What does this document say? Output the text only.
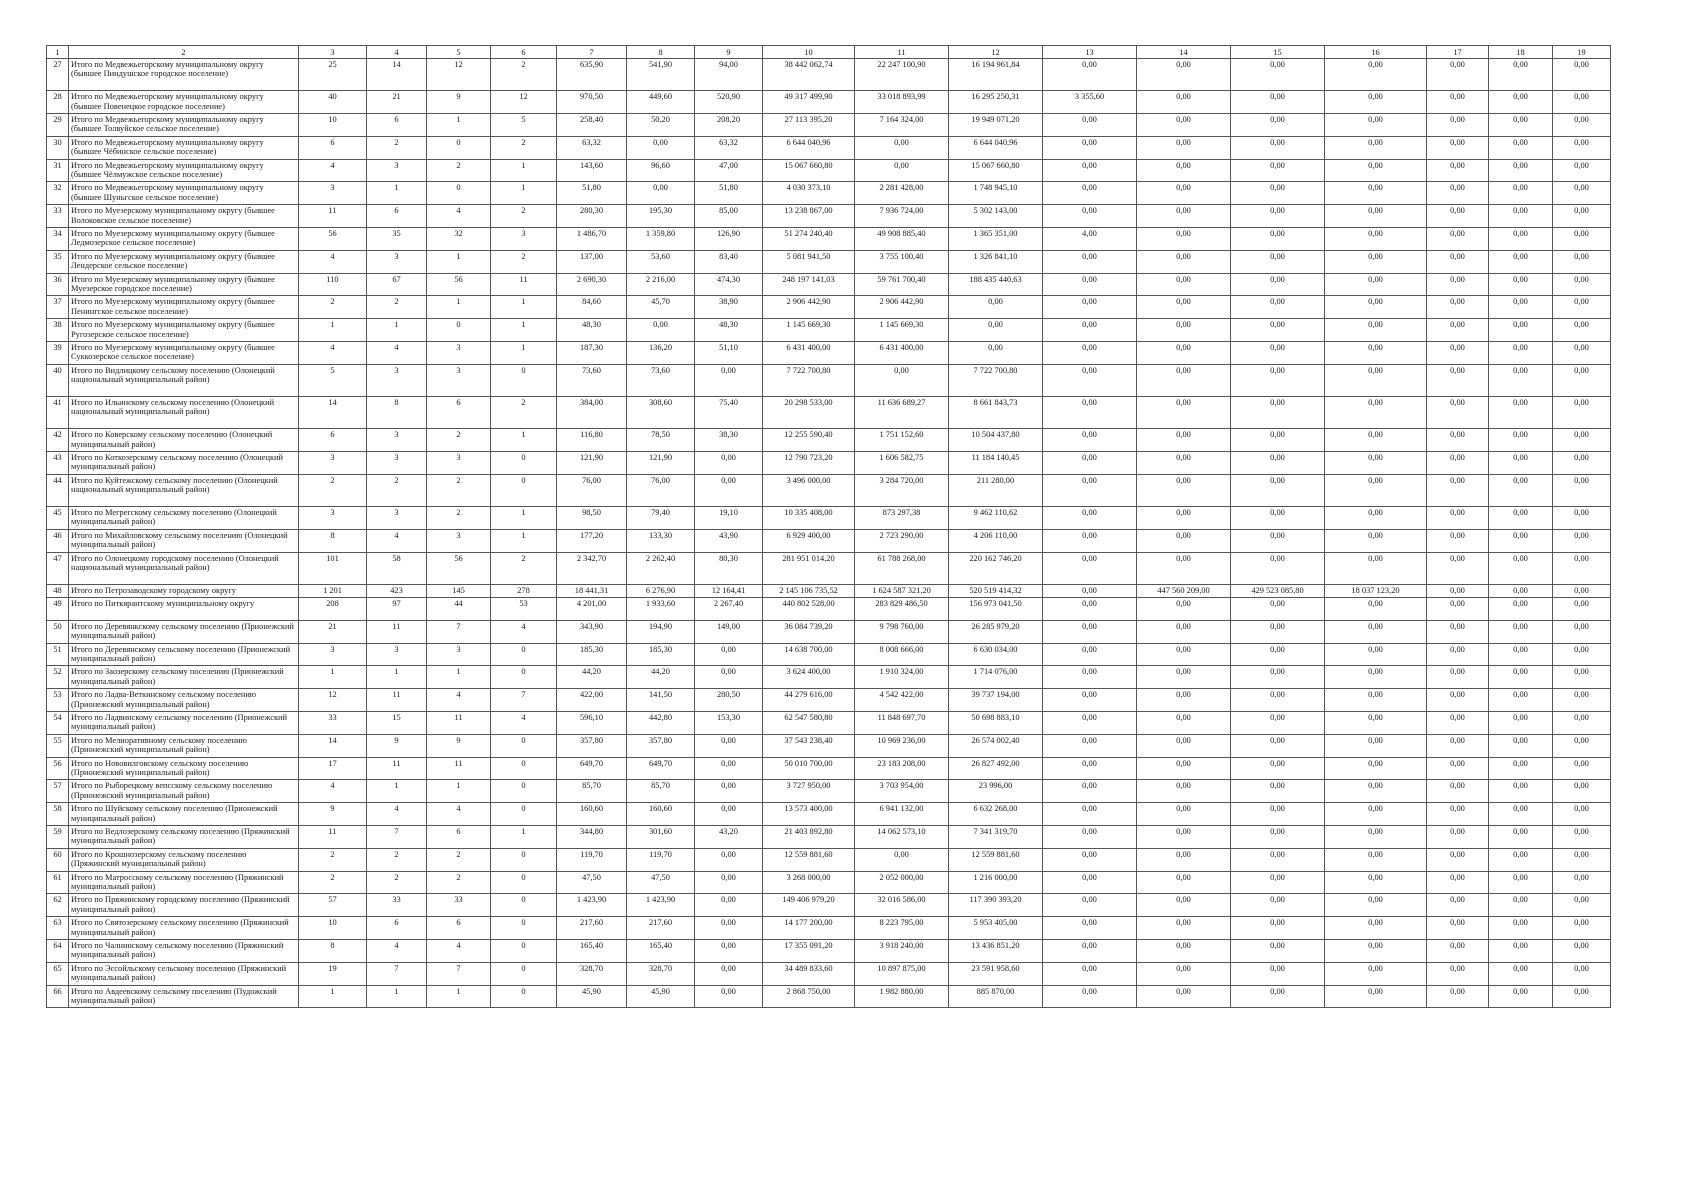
1	2	3	4	5	6	7	8	9	10	11	12	13	14	15	16	17	18	19
27	Итого по Медвежьегорскому муниципальному округу (бывшее Пиндушское городское поселение)	25	14	12	2	635,90	541,90	94,00	38 442 062,74	22 247 100,90	16 194 961,84	0,00	0,00	0,00	0,00	0,00	0,00	0,00
28	Итого по Медвежьегорскому муниципальному округу (бывшее Повенецкое городское поселение)	40	21	9	12	970,50	449,60	520,90	49 317 499,90	33 018 893,99	16 295 250,31	3 355,60	0,00	0,00	0,00	0,00	0,00	0,00
29	Итого по Медвежьегорскому муниципальному округу (бывшее Толвуйское сельское поселение)	10	6	1	5	258,40	50,20	208,20	27 113 395,20	7 164 324,00	19 949 071,20	0,00	0,00	0,00	0,00	0,00	0,00	0,00
30	Итого по Медвежьегорскому муниципальному округу (бывшее Чёбинское сельское поселение)	6	2	0	2	63,32	0,00	63,32	6 644 040,96	0,00	6 644 040,96	0,00	0,00	0,00	0,00	0,00	0,00	0,00
31	Итого по Медвежьегорскому муниципальному округу (бывшее Чёлмужское сельское поселение)	4	3	2	1	143,60	96,60	47,00	15 067 660,80	0,00	15 067 660,80	0,00	0,00	0,00	0,00	0,00	0,00	0,00
32	Итого по Медвежьегорскому муниципальному округу (бывшее Шуньгское сельское поселение)	3	1	0	1	51,80	0,00	51,80	4 030 373,10	2 281 428,00	1 748 945,10	0,00	0,00	0,00	0,00	0,00	0,00	0,00
33	Итого по Муезерскому муниципальному округу (бывшее Волоковское сельское поселение)	11	6	4	2	280,30	195,30	85,00	13 238 867,00	7 936 724,00	5 302 143,00	0,00	0,00	0,00	0,00	0,00	0,00	0,00
34	Итого по Муезерскому муниципальному округу (бывшее Ледмозерское сельское поселение)	56	35	32	3	1 486,70	1 359,80	126,90	51 274 240,40	49 908 885,40	1 365 351,00	4,00	0,00	0,00	0,00	0,00	0,00	0,00
35	Итого по Муезерскому муниципальному округу (бывшее Лендерское сельское поселение)	4	3	1	2	137,00	53,60	83,40	5 081 941,50	3 755 100,40	1 326 841,10	0,00	0,00	0,00	0,00	0,00	0,00	0,00
36	Итого по Муезерскому муниципальному округу (бывшее Муезерское городское поселение)	110	67	56	11	2 690,30	2 216,00	474,30	248 197 141,03	59 761 700,40	188 435 440,63	0,00	0,00	0,00	0,00	0,00	0,00	0,00
37	Итого по Муезерскому муниципальному округу (бывшее Пенингское сельское поселение)	2	2	1	1	84,60	45,70	38,90	2 906 442,90	2 906 442,90	0,00	0,00	0,00	0,00	0,00	0,00	0,00	0,00
38	Итого по Муезерскому муниципальному округу (бывшее Ругозерское сельское поселение)	1	1	0	1	48,30	0,00	48,30	1 145 669,30	1 145 669,30	0,00	0,00	0,00	0,00	0,00	0,00	0,00	0,00
39	Итого по Муезерскому муниципальному округу (бывшее Суккозерское сельское поселение)	4	4	3	1	187,30	136,20	51,10	6 431 400,00	6 431 400,00	0,00	0,00	0,00	0,00	0,00	0,00	0,00	0,00
40	Итого по Видлицкому сельскому поселению (Олонецкий национальный муниципальный район)	5	3	3	0	73,60	73,60	0,00	7 722 700,80	0,00	7 722 700,80	0,00	0,00	0,00	0,00	0,00	0,00	0,00
41	Итого по Ильинскому сельскому поселению (Олонецкий национальный муниципальный район)	14	8	6	2	384,00	308,60	75,40	20 298 533,00	11 636 689,27	8 661 843,73	0,00	0,00	0,00	0,00	0,00	0,00	0,00
42	Итого по Коверскому сельскому поселению (Олонецкий муниципальный район)	6	3	2	1	116,80	78,50	38,30	12 255 590,40	1 751 152,60	10 504 437,80	0,00	0,00	0,00	0,00	0,00	0,00	0,00
43	Итого по Коткозерскому сельскому поселению (Олонецкий муниципальный район)	3	3	3	0	121,90	121,90	0,00	12 790 723,20	1 606 582,75	11 184 140,45	0,00	0,00	0,00	0,00	0,00	0,00	0,00
44	Итого по Куйтежскому сельскому поселению (Олонецкий национальный муниципальный район)	2	2	2	0	76,00	76,00	0,00	3 496 000,00	3 284 720,00	211 280,00	0,00	0,00	0,00	0,00	0,00	0,00	0,00
45	Итого по Мегрегскому сельскому поселению (Олонецкий муниципальный район)	3	3	2	1	98,50	79,40	19,10	10 335 408,00	873 297,38	9 462 110,62	0,00	0,00	0,00	0,00	0,00	0,00	0,00
46	Итого по Михайловскому сельскому поселению (Олонецкий муниципальный район)	8	4	3	1	177,20	133,30	43,90	6 929 400,00	2 723 290,00	4 206 110,00	0,00	0,00	0,00	0,00	0,00	0,00	0,00
47	Итого по Олонецкому городскому поселению (Олонецкий национальный муниципальный район)	101	58	56	2	2 342,70	2 262,40	80,30	281 951 014,20	61 788 268,00	220 162 746,20	0,00	0,00	0,00	0,00	0,00	0,00	0,00
48	Итого по Петрозаводскому городскому округу	1 201	423	145	278	18 441,31	6 276,90	12 164,41	2 145 106 735,52	1 624 587 321,20	520 519 414,32	0,00	447 560 209,00	429 523 085,80	18 037 123,20	0,00	0,00	0,00
49	Итого по Питкярантскому муниципальному округу	208	97	44	53	4 201,00	1 933,60	2 267,40	440 802 528,00	283 829 486,50	156 973 041,50	0,00	0,00	0,00	0,00	0,00	0,00	0,00
50	Итого по Деревянкскому сельскому поселению (Прионежский муниципальный район)	21	11	7	4	343,90	194,90	149,00	36 084 739,20	9 798 760,00	26 285 979,20	0,00	0,00	0,00	0,00	0,00	0,00	0,00
51	Итого по Деревянскому сельскому поселению (Прионежский муниципальный район)	3	3	3	0	185,30	185,30	0,00	14 638 700,00	8 008 666,00	6 630 034,00	0,00	0,00	0,00	0,00	0,00	0,00	0,00
52	Итого по Заозерскому сельскому поселению (Прионежский муниципальный район)	1	1	1	0	44,20	44,20	0,00	3 624 400,00	1 910 324,00	1 714 076,00	0,00	0,00	0,00	0,00	0,00	0,00	0,00
53	Итого по Ладва-Веткинскому сельскому поселению (Прионежский муниципальный район)	12	11	4	7	422,00	141,50	280,50	44 279 616,00	4 542 422,00	39 737 194,00	0,00	0,00	0,00	0,00	0,00	0,00	0,00
54	Итого по Ладвинскому сельскому поселению (Прионежский муниципальный район)	33	15	11	4	596,10	442,80	153,30	62 547 580,80	11 848 697,70	50 698 883,10	0,00	0,00	0,00	0,00	0,00	0,00	0,00
55	Итого по Мелиоративному сельскому поселению (Прионежский муниципальный район)	14	9	9	0	357,80	357,80	0,00	37 543 238,40	10 969 236,00	26 574 002,40	0,00	0,00	0,00	0,00	0,00	0,00	0,00
56	Итого по Нововилговскому сельскому поселению (Прионежский муниципальный район)	17	11	11	0	649,70	649,70	0,00	50 010 700,00	23 183 208,00	26 827 492,00	0,00	0,00	0,00	0,00	0,00	0,00	0,00
57	Итого по Рыборецкому вепсскому сельскому поселению (Прионежский муниципальный район)	4	1	1	0	85,70	85,70	0,00	3 727 950,00	3 703 954,00	23 996,00	0,00	0,00	0,00	0,00	0,00	0,00	0,00
58	Итого по Шуйскому сельскому поселению (Прионежский муниципальный район)	9	4	4	0	160,60	160,60	0,00	13 573 400,00	6 941 132,00	6 632 268,00	0,00	0,00	0,00	0,00	0,00	0,00	0,00
59	Итого по Ведлозерскому сельскому поселению (Пряжинский муниципальный район)	11	7	6	1	344,80	301,60	43,20	21 403 892,80	14 062 573,10	7 341 319,70	0,00	0,00	0,00	0,00	0,00	0,00	0,00
60	Итого по Крошнозерскому сельскому поселению (Пряжинский муниципальный район)	2	2	2	0	119,70	119,70	0,00	12 559 881,60	0,00	12 559 881,60	0,00	0,00	0,00	0,00	0,00	0,00	0,00
61	Итого по Матросскому сельскому поселению (Пряжинский муниципальный район)	2	2	2	0	47,50	47,50	0,00	3 268 000,00	2 052 000,00	1 216 000,00	0,00	0,00	0,00	0,00	0,00	0,00	0,00
62	Итого по Пряжинскому городскому поселению (Пряжинский муниципальный район)	57	33	33	0	1 423,90	1 423,90	0,00	149 406 979,20	32 016 586,00	117 390 393,20	0,00	0,00	0,00	0,00	0,00	0,00	0,00
63	Итого по Святозерскому сельскому поселению (Пряжинский муниципальный район)	10	6	6	0	217,60	217,60	0,00	14 177 200,00	8 223 795,00	5 953 405,00	0,00	0,00	0,00	0,00	0,00	0,00	0,00
64	Итого по Чалнинскому сельскому поселению (Пряжинский муниципальный район)	8	4	4	0	165,40	165,40	0,00	17 355 091,20	3 918 240,00	13 436 851,20	0,00	0,00	0,00	0,00	0,00	0,00	0,00
65	Итого по Эссойльскому сельскому поселению (Пряжинский муниципальный район)	19	7	7	0	328,70	328,70	0,00	34 489 833,60	10 897 875,00	23 591 958,60	0,00	0,00	0,00	0,00	0,00	0,00	0,00
66	Итого по Авдеевскому сельскому поселению (Пудожский муниципальный район)	1	1	1	0	45,90	45,90	0,00	2 868 750,00	1 982 880,00	885 870,00	0,00	0,00	0,00	0,00	0,00	0,00	0,00
